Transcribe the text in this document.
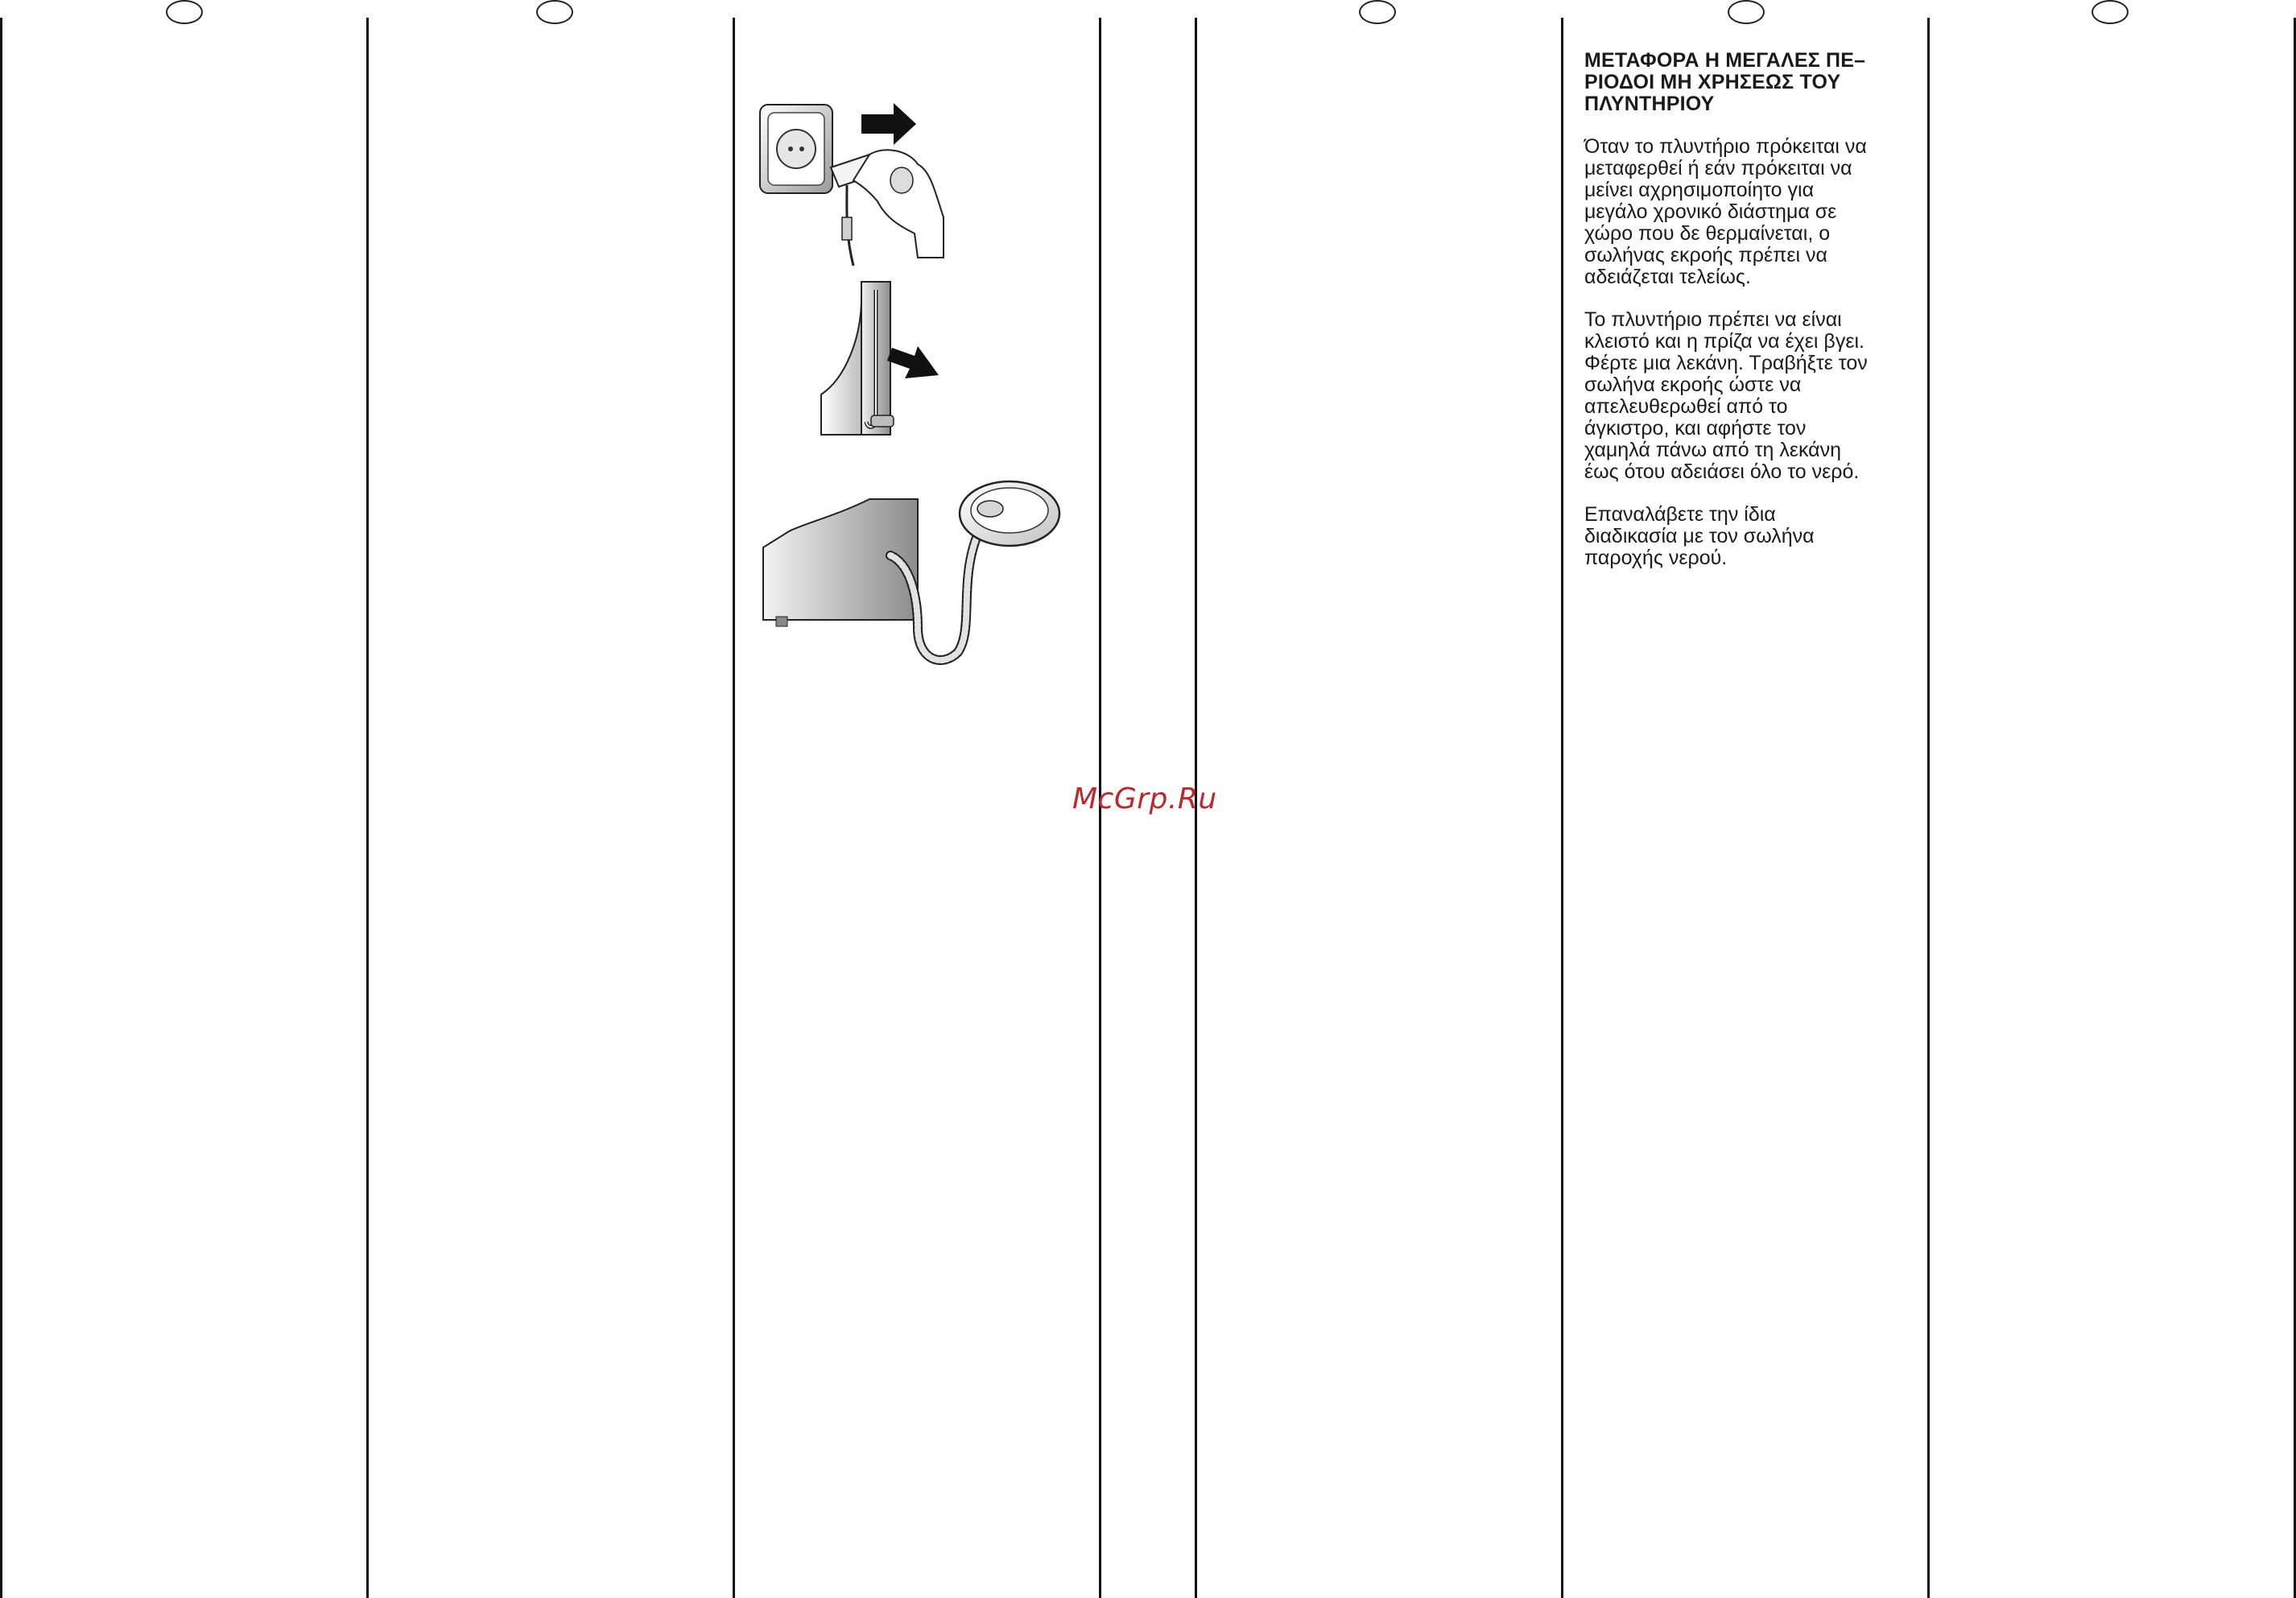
ΜΕΤΑΦΟΡΑ Η ΜΕΓΑΛΕΣ ΠΕ–
ΡΙΟΔΟΙ ΜΗ ΧΡΗΣΕΩΣ ΤΟΥ
ΠΛΥΝΤΗΡΙΟΥ

Όταν το πλυντήριο πρόκειται να
μεταφερθεί ή εάν πρόκειται να
μείνει αχρησιμοποίητο για
μεγάλο χρονικό διάστημα σε
χώρο που δε θερμαίνεται, ο
σωλήνας εκροής πρέπει να
αδειάζεται τελείως.

Το πλυντήριο πρέπει να είναι
κλειστό και η πρίζα να έχει βγει.
Φέρτε μια λεκάνη. Τραβήξτε τον
σωλήνα εκροής ώστε να
απελευθερωθεί από το
άγκιστρο, και αφήστε τον
χαμηλά πάνω από τη λεκάνη
έως ότου αδειάσει όλο το νερό.

Επαναλάβετε την ίδια
διαδικασία με τον σωλήνα
παροχής νερού.

McGrp.Ru
